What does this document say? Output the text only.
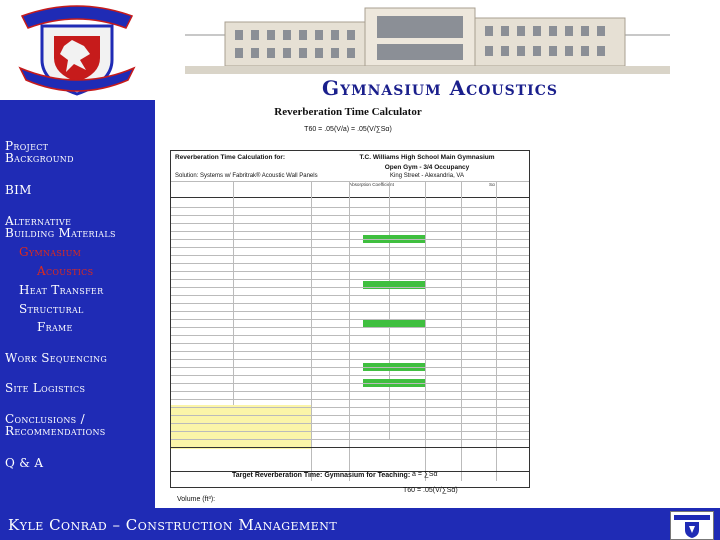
Project
Background
BIM
Alternative
Building Materials
Gymnasium
Acoustics
Heat Transfer
Structural
Frame
Work Sequencing
Site Logistics
Conclusions /
Recommendations
Q & A
Gymnasium Acoustics
Reverberation Time Calculator
T60 = .05(V/a) = .05(V/∑Sα)
Reverberation Time Calculation for:	T.C. Williams High School Main Gymnasium
Open Gym - 3/4 Occupancy
Solution: Systems w/ Fabritrak® Acoustic Wall Panels	King Street - Alexandria, VA
Absorption Coefficient	Sα
a = ∑Sα
T60 = .05(V/∑Sα)
Volume (ft³):
Target Reverberation Time: Gymnasium for Teaching:
Kyle Conrad – Construction Management
